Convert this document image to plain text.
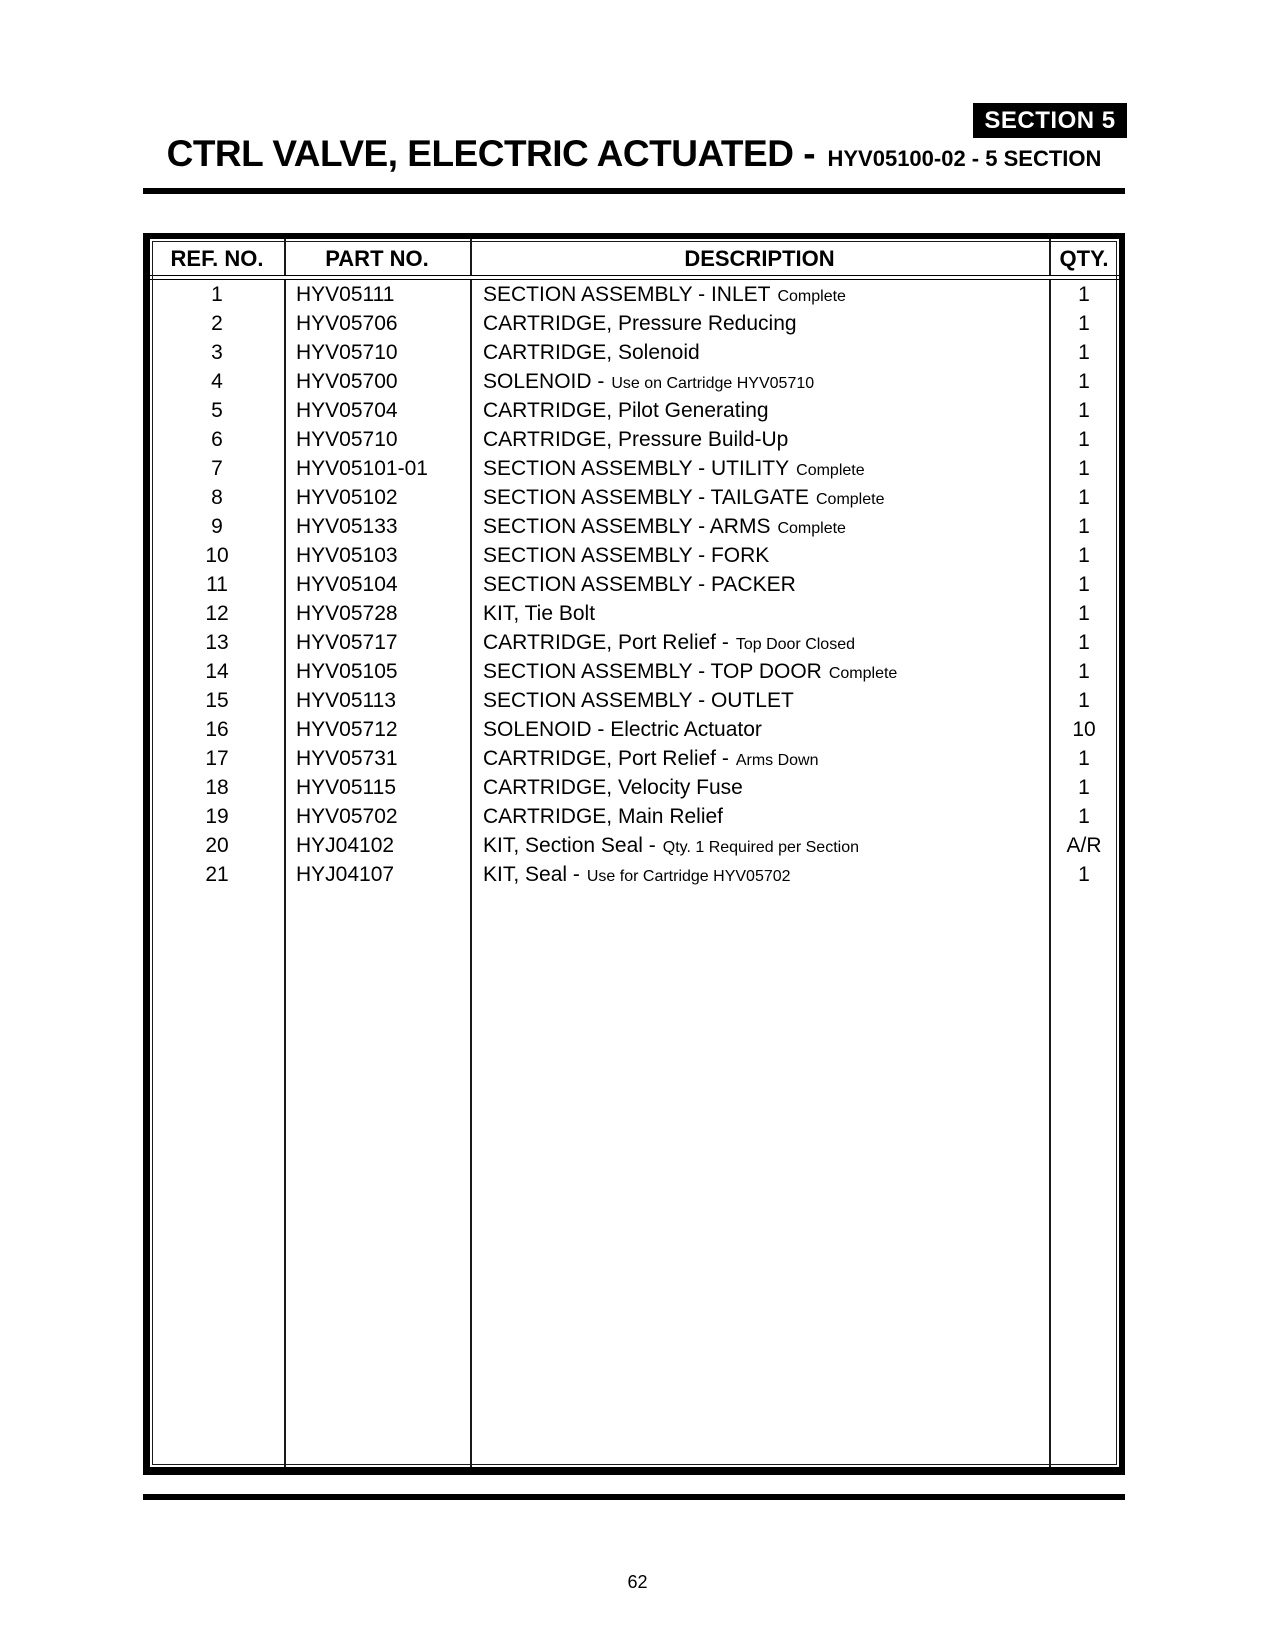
SECTION 5
CTRL VALVE, ELECTRIC ACTUATED - HYV05100-02 - 5 SECTION
REF. NO.	PART NO.	DESCRIPTION	QTY.
1	HYV05111	SECTION ASSEMBLY - INLET Complete	1
2	HYV05706	CARTRIDGE, Pressure Reducing	1
3	HYV05710	CARTRIDGE, Solenoid	1
4	HYV05700	SOLENOID - Use on Cartridge HYV05710	1
5	HYV05704	CARTRIDGE, Pilot Generating	1
6	HYV05710	CARTRIDGE, Pressure Build-Up	1
7	HYV05101-01	SECTION ASSEMBLY - UTILITY Complete	1
8	HYV05102	SECTION ASSEMBLY - TAILGATE Complete	1
9	HYV05133	SECTION ASSEMBLY - ARMS Complete	1
10	HYV05103	SECTION ASSEMBLY - FORK	1
11	HYV05104	SECTION ASSEMBLY - PACKER	1
12	HYV05728	KIT, Tie Bolt	1
13	HYV05717	CARTRIDGE, Port Relief - Top Door Closed	1
14	HYV05105	SECTION ASSEMBLY - TOP DOOR Complete	1
15	HYV05113	SECTION ASSEMBLY - OUTLET	1
16	HYV05712	SOLENOID - Electric Actuator	10
17	HYV05731	CARTRIDGE, Port Relief - Arms Down	1
18	HYV05115	CARTRIDGE, Velocity Fuse	1
19	HYV05702	CARTRIDGE, Main Relief	1
20	HYJ04102	KIT, Section Seal - Qty. 1 Required per Section	A/R
21	HYJ04107	KIT, Seal - Use for Cartridge HYV05702	1
62
